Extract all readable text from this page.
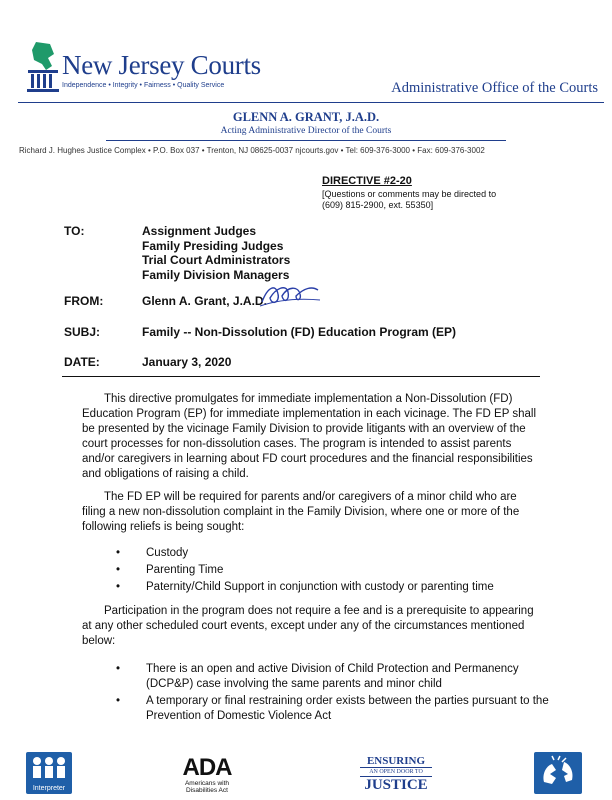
New Jersey Courts
Independence • Integrity • Fairness • Quality Service	Administrative Office of the Courts
GLENN A. GRANT, J.A.D.
Acting Administrative Director of the Courts
Richard J. Hughes Justice Complex • P.O. Box 037 • Trenton, NJ 08625-0037 njcourts.gov • Tel: 609-376-3000 • Fax: 609-376-3002
DIRECTIVE #2-20
[Questions or comments may be directed to (609) 815-2900, ext. 55350]
TO:	Assignment Judges
Family Presiding Judges
Trial Court Administrators
Family Division Managers
FROM:	Glenn A. Grant, J.A.D.
SUBJ:	Family -- Non-Dissolution (FD) Education Program (EP)
DATE:	January 3, 2020
This directive promulgates for immediate implementation a Non-Dissolution (FD) Education Program (EP) for immediate implementation in each vicinage. The FD EP shall be presented by the vicinage Family Division to provide litigants with an overview of the court processes for non-dissolution cases. The program is intended to assist parents and/or caregivers in learning about FD court procedures and the financial responsibilities and obligations of raising a child.
The FD EP will be required for parents and/or caregivers of a minor child who are filing a new non-dissolution complaint in the Family Division, where one or more of the following reliefs is being sought:
• Custody
• Parenting Time
• Paternity/Child Support in conjunction with custody or parenting time
Participation in the program does not require a fee and is a prerequisite to appearing at any other scheduled court events, except under any of the circumstances mentioned below:
• There is an open and active Division of Child Protection and Permanency (DCP&P) case involving the same parents and minor child
• A temporary or final restraining order exists between the parties pursuant to the Prevention of Domestic Violence Act
Interpreter
ADA
Americans with Disabilities Act
ENSURING
AN OPEN DOOR TO
JUSTICE
